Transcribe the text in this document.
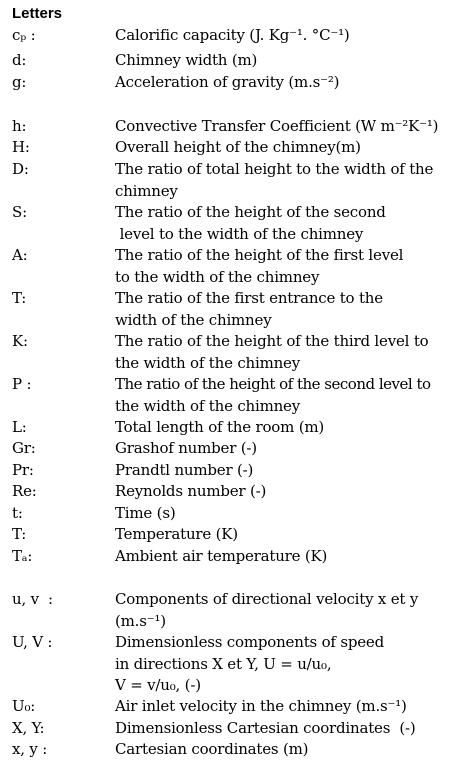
Letters
cₚ :	Calorific capacity (J. Kg⁻¹. °C⁻¹)
d:	Chimney width (m)
g:	Acceleration of gravity (m.s⁻²)
h:	Convective Transfer Coefficient (W m⁻²K⁻¹)
H:	Overall height of the chimney(m)
D:	The ratio of total height to the width of the
chimney
S:	The ratio of the height of the second
level to the width of the chimney
A:	The ratio of the height of the first level
to the width of the chimney
T:	The ratio of the first entrance to the
width of the chimney
K:	The ratio of the height of the third level to
the width of the chimney
P :	The ratio of the height of the second level to
the width of the chimney
L:	Total length of the room (m)
Gr:	Grashof number (-)
Pr:	Prandtl number (-)
Re:	Reynolds number (-)
t:	Time (s)
T:	Temperature (K)
Tₐ:	Ambient air temperature (K)
u, v  :	Components of directional velocity x et y
(m.s⁻¹)
U, V :	Dimensionless components of speed
in directions X et Y, U = u/u₀,
V = v/u₀, (-)
U₀:	Air inlet velocity in the chimney (m.s⁻¹)
X, Y:	Dimensionless Cartesian coordinates  (-)
x, y :	Cartesian coordinates (m)
